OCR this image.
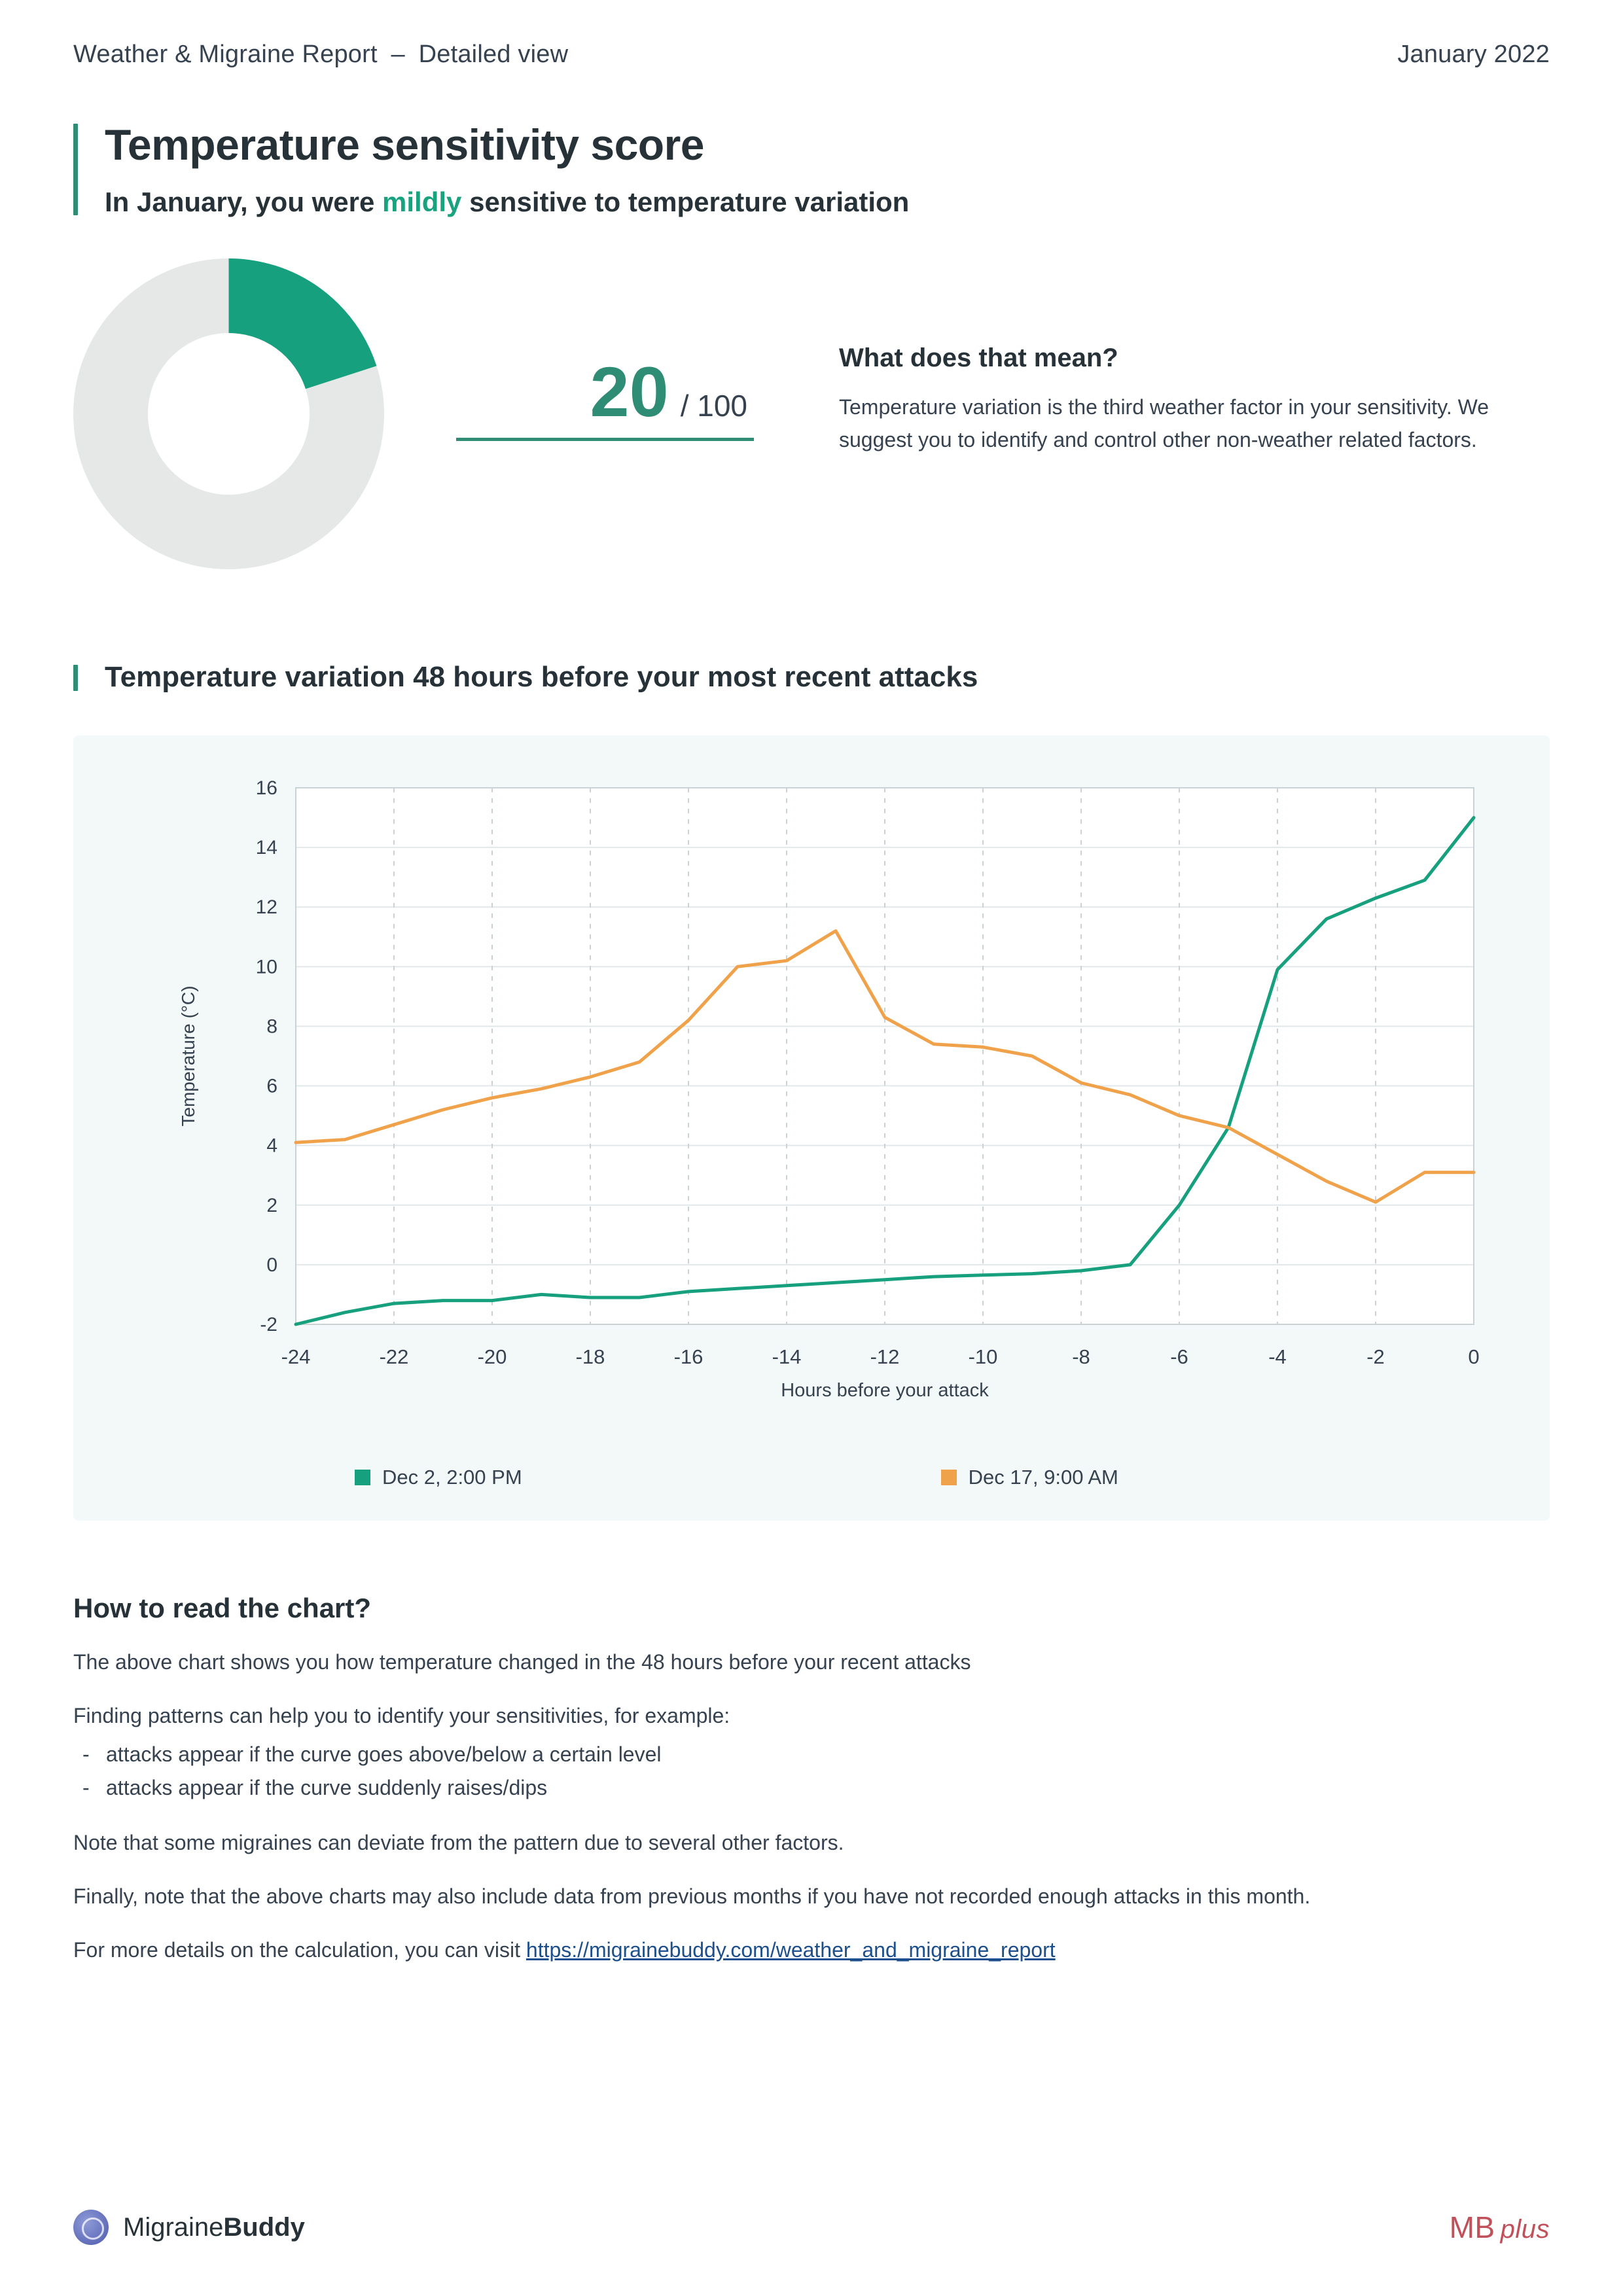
Weather & Migraine Report – Detailed view	January 2022
Temperature sensitivity score
In January, you were mildly sensitive to temperature variation
20 / 100
What does that mean?

Temperature variation is the third weather factor in your sensitivity. We suggest you to identify and control other non-weather related factors.

Temperature variation 48 hours before your most recent attacks
-2
0
2
4
6
8
10
12
14
16
-24	-22	-20	-18	-16	-14	-12	-10	-8	-6	-4	-2	0
Temperature (°C)
Hours before your attack
Dec 2, 2:00 PM	Dec 17, 9:00 AM
How to read the chart?

The above chart shows you how temperature changed in the 48 hours before your recent attacks

Finding patterns can help you to identify your sensitivities, for example:

- attacks appear if the curve goes above/below a certain level
- attacks appear if the curve suddenly raises/dips

Note that some migraines can deviate from the pattern due to several other factors.

Finally, note that the above charts may also include data from previous months if you have not recorded enough attacks in this month.

For more details on the calculation, you can visit https://migrainebuddy.com/weather_and_migraine_report

MigraineBuddy	MB plus
